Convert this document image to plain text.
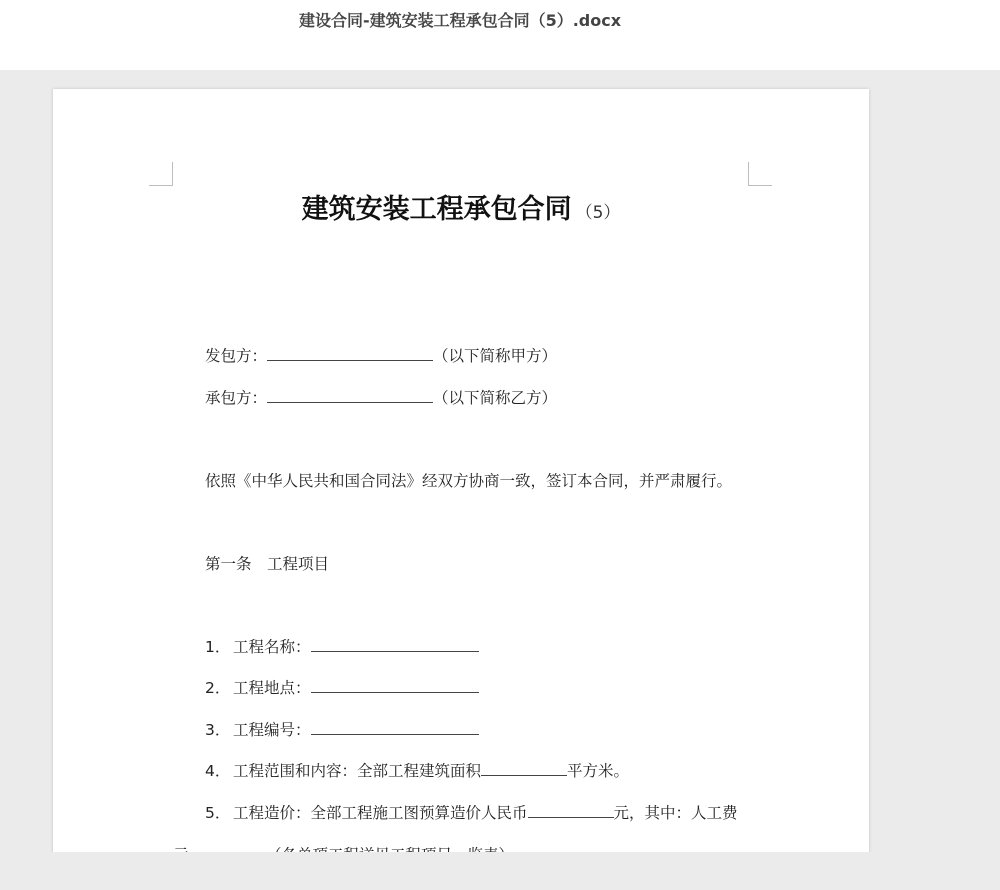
建设合同-建筑安装工程承包合同（5）.docx
建筑安装工程承包合同 （5）
发包方：	（以下简称甲方）
承包方：	（以下简称乙方）
依照《中华人民共和国合同法》经双方协商一致，签订本合同，并严肃履行。
第一条　工程项目
1． 工程名称：
2． 工程地点：
3． 工程编号：
4． 工程范围和内容：全部工程建筑面积	平方米。
5． 工程造价：全部工程施工图预算造价人民币	元，其中：人工费
